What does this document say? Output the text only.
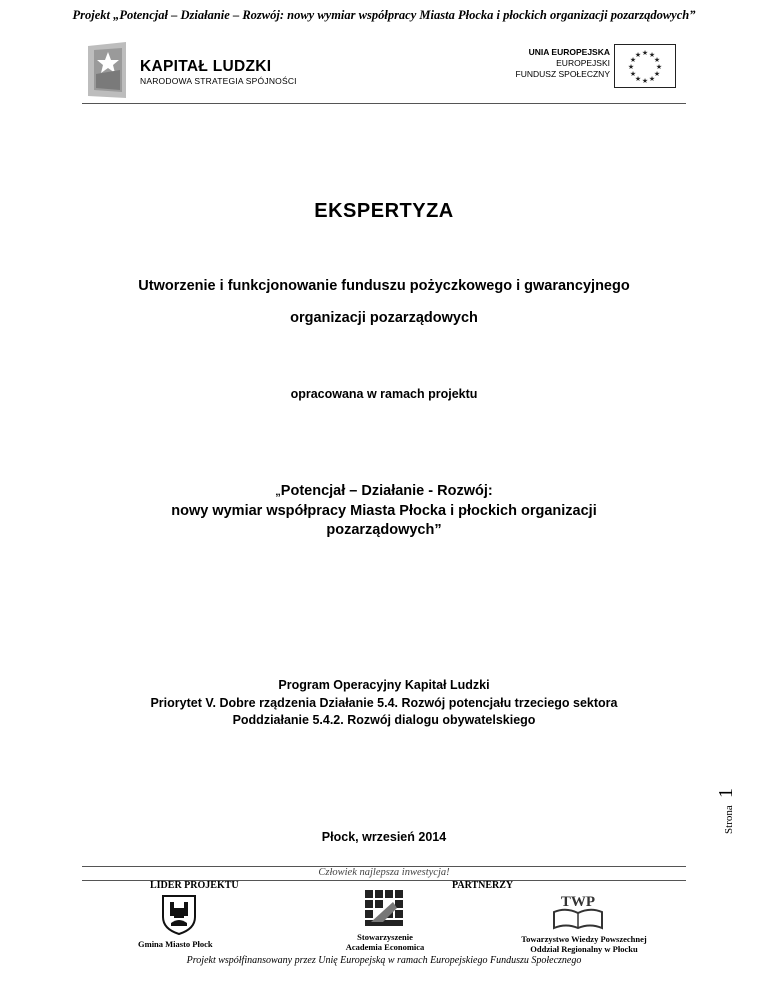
Projekt „Potencjał – Działanie – Rozwój: nowy wymiar współpracy Miasta Płocka i płockich organizacji pozarządowych”
KAPITAŁ LUDZKI
NARODOWA STRATEGIA SPÓJNOŚCI
UNIA EUROPEJSKA
EUROPEJSKI
FUNDUSZ SPOŁECZNY
★ ★
★
★
★
★
★
★
★
★
★
★
EKSPERTYZA
Utworzenie i funkcjonowanie funduszu pożyczkowego i gwarancyjnego
organizacji pozarządowych
opracowana w ramach projektu
„Potencjał – Działanie - Rozwój:
nowy wymiar współpracy Miasta Płocka i płockich organizacji
pozarządowych”
Program Operacyjny Kapitał Ludzki
Priorytet V. Dobre rządzenia Działanie 5.4. Rozwój potencjału trzeciego sektora
Poddziałanie 5.4.2. Rozwój dialogu obywatelskiego
Płock, wrzesień 2014
Strona
1
Człowiek najlepsza inwestycja!
LIDER PROJEKTU	PARTNERZY
TWP
Gmina Miasto Płock
Stowarzyszenie
Academia Economica
Towarzystwo Wiedzy Powszechnej
Oddział Regionalny w Płocku
Projekt współfinansowany przez Unię Europejską w ramach Europejskiego Funduszu Społecznego
